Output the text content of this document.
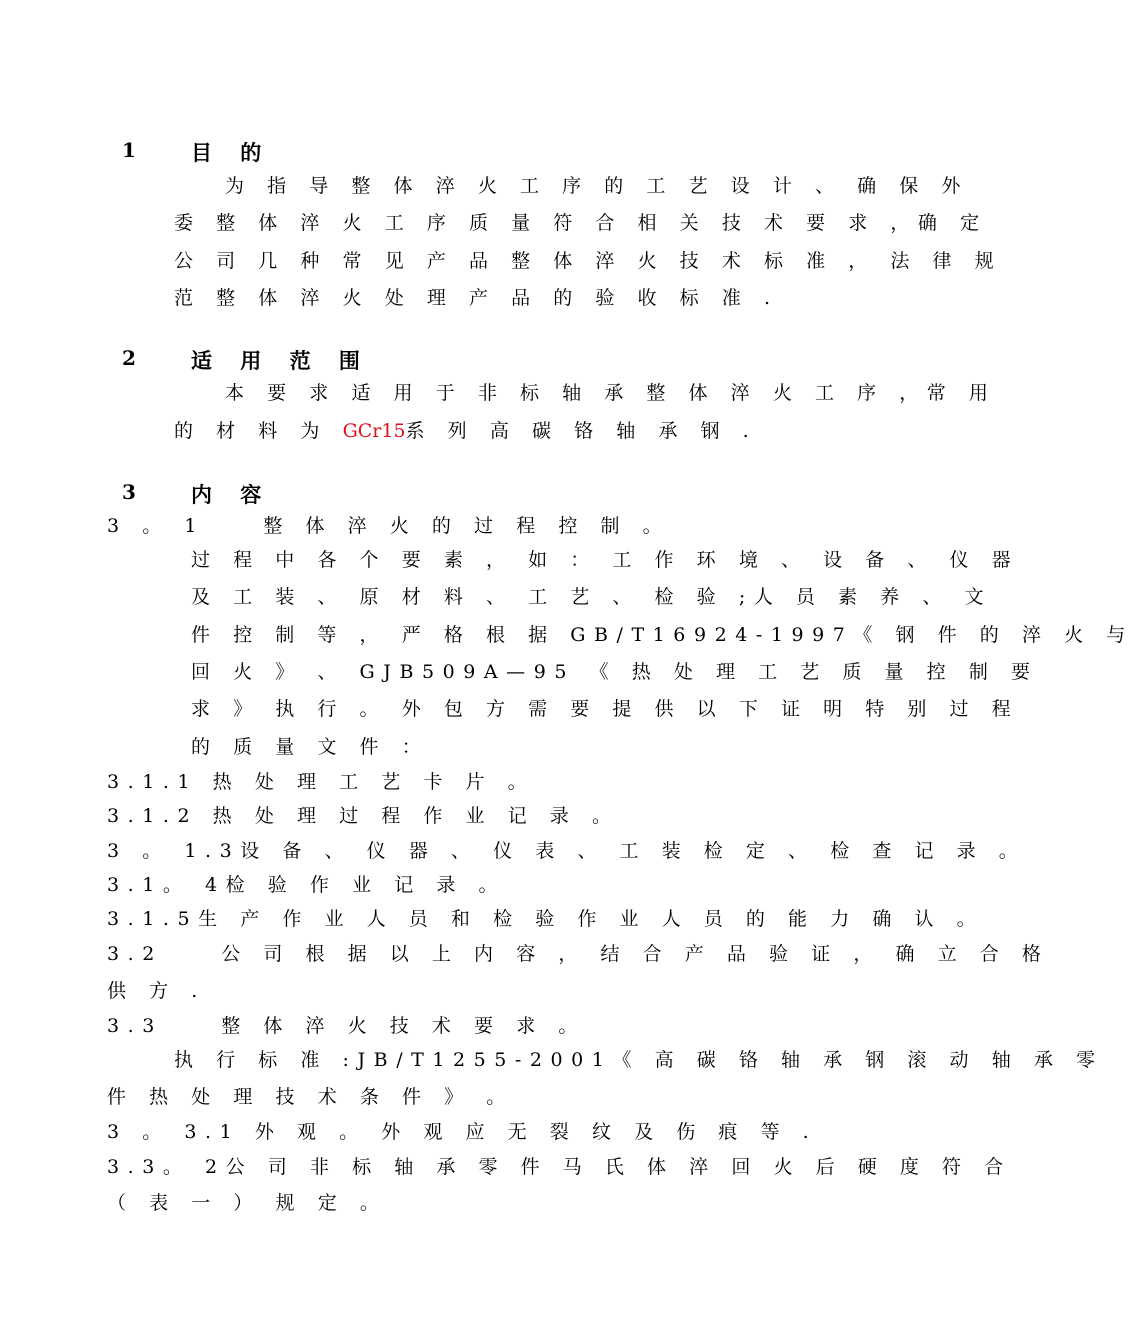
1	目 的
为 指 导 整 体 淬 火 工 序 的 工 艺 设 计 、 确 保 外
委 整 体 淬 火 工 序 质 量 符 合 相 关 技 术 要 求 ，确 定
公 司 几 种 常 见 产 品 整 体 淬 火 技 术 标 准 ， 法 律 规
范 整 体 淬 火 处 理 产 品 的 验 收 标 准 .
2	适 用 范 围
本 要 求 适 用 于 非 标 轴 承 整 体 淬 火 工 序 ，常 用
的 材 料 为 GCr15系 列 高 碳 铬 轴 承 钢 .
3	内 容
3 。 1    整 体 淬 火 的 过 程 控 制 。
过 程 中 各 个 要 素 ， 如 ： 工 作 环 境 、 设 备 、 仪 器
及 工 装 、 原 材 料 、 工 艺 、 检 验 ;人 员 素 养 、 文
件 控 制 等 ， 严 格 根 据 GB/T16924-1997《 钢 件 的 淬 火 与
回 火 》 、 GJB509A—95 《 热 处 理 工 艺 质 量 控 制 要
求 》 执 行 。 外 包 方 需 要 提 供 以 下 证 明 特 别 过 程
的 质 量 文 件 ：
3.1.1 热 处 理 工 艺 卡 片 。
3.1.2 热 处 理 过 程 作 业 记 录 。
3 。 1.3设 备 、 仪 器 、 仪 表 、 工 装 检 定 、 检 查 记 录 。
3.1。 4检 验 作 业 记 录 。
3.1.5生 产 作 业 人 员 和 检 验 作 业 人 员 的 能 力 确 认 。
3.2    公 司 根 据 以 上 内 容 ， 结 合 产 品 验 证 ， 确 立 合 格
供 方 .
3.3    整 体 淬 火 技 术 要 求 。
执 行 标 准 :JB/T1255-2001《 高 碳 铬 轴 承 钢 滚 动 轴 承 零
件 热 处 理 技 术 条 件 》 。
3 。 3.1 外 观 。 外 观 应 无 裂 纹 及 伤 痕 等 .
3.3。 2公 司 非 标 轴 承 零 件 马 氏 体 淬 回 火 后 硬 度 符 合
（ 表 一 ） 规 定 。
